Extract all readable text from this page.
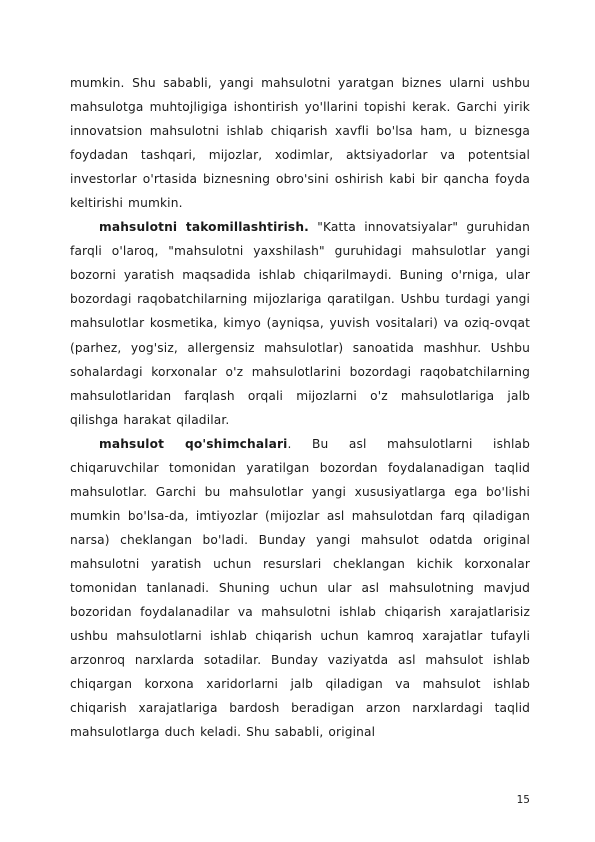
mumkin. Shu sababli, yangi mahsulotni yaratgan biznes ularni ushbu mahsulotga muhtojligiga ishontirish yo'llarini topishi kerak. Garchi yirik innovatsion mahsulotni ishlab chiqarish xavfli bo'lsa ham, u biznesga foydadan tashqari, mijozlar, xodimlar, aktsiyadorlar va potentsial investorlar o'rtasida biznesning obro'sini oshirish kabi bir qancha foyda keltirishi mumkin.

mahsulotni takomillashtirish. "Katta innovatsiyalar" guruhidan farqli o'laroq, "mahsulotni yaxshilash" guruhidagi mahsulotlar yangi bozorni yaratish maqsadida ishlab chiqarilmaydi. Buning o'rniga, ular bozordagi raqobatchilarning mijozlariga qaratilgan. Ushbu turdagi yangi mahsulotlar kosmetika, kimyo (ayniqsa, yuvish vositalari) va oziq-ovqat (parhez, yog'siz, allergensiz mahsulotlar) sanoatida mashhur. Ushbu sohalardagi korxonalar o'z mahsulotlarini bozordagi raqobatchilarning mahsulotlaridan farqlash orqali mijozlarni o'z mahsulotlariga jalb qilishga harakat qiladilar.

mahsulot qo'shimchalari. Bu asl mahsulotlarni ishlab chiqaruvchilar tomonidan yaratilgan bozordan foydalanadigan taqlid mahsulotlar. Garchi bu mahsulotlar yangi xususiyatlarga ega bo'lishi mumkin bo'lsa-da, imtiyozlar (mijozlar asl mahsulotdan farq qiladigan narsa) cheklangan bo'ladi. Bunday yangi mahsulot odatda original mahsulotni yaratish uchun resurslari cheklangan kichik korxonalar tomonidan tanlanadi. Shuning uchun ular asl mahsulotning mavjud bozoridan foydalanadilar va mahsulotni ishlab chiqarish xarajatlarisiz ushbu mahsulotlarni ishlab chiqarish uchun kamroq xarajatlar tufayli arzonroq narxlarda sotadilar. Bunday vaziyatda asl mahsulot ishlab chiqargan korxona xaridorlarni jalb qiladigan va mahsulot ishlab chiqarish xarajatlariga bardosh beradigan arzon narxlardagi taqlid mahsulotlarga duch keladi. Shu sababli, original

15
